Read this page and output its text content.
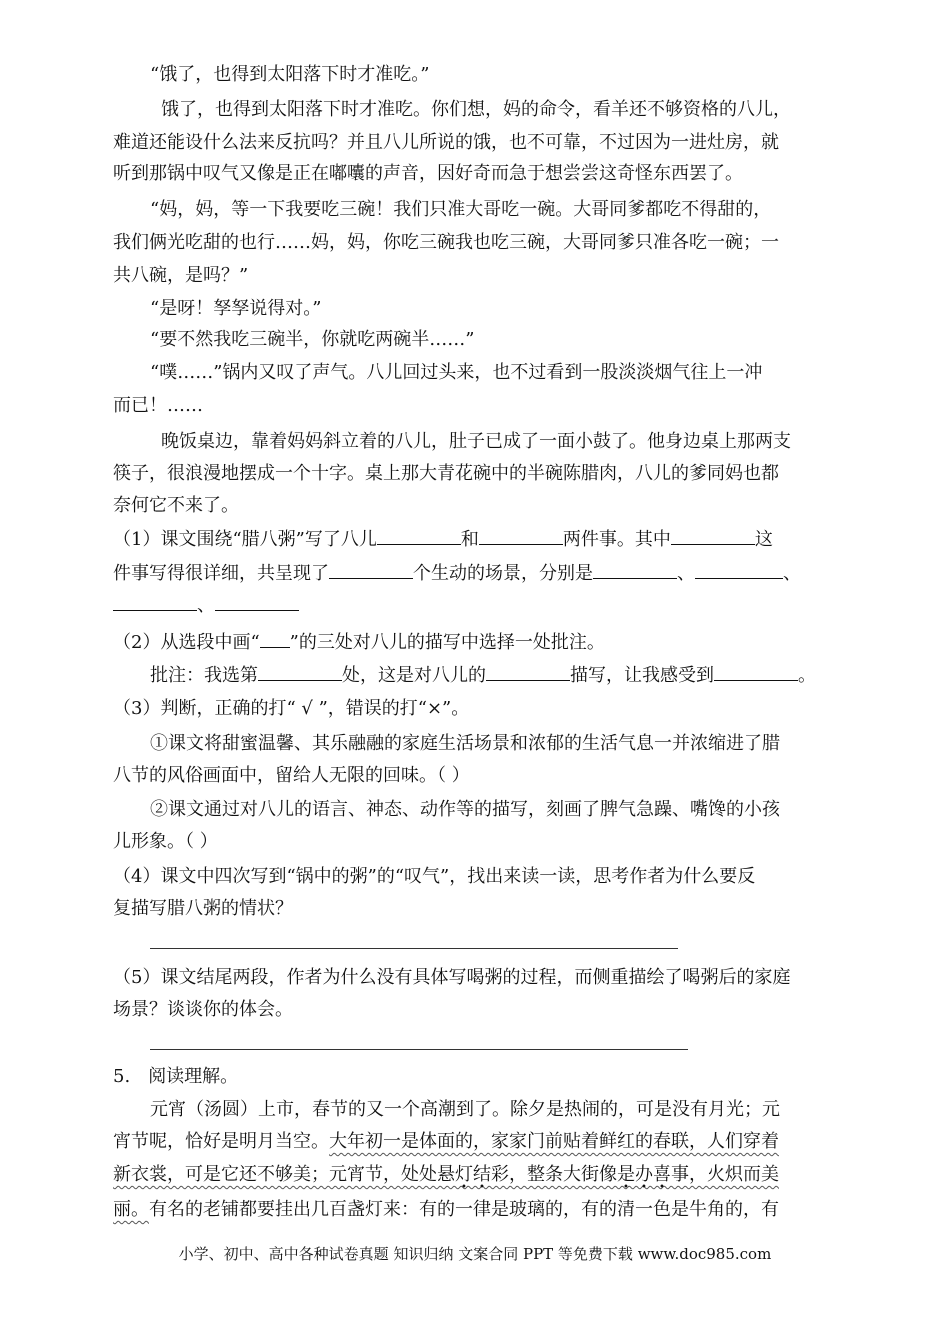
“饿了，也得到太阳落下时才准吃。”
饿了，也得到太阳落下时才准吃。你们想，妈的命令，看羊还不够资格的八儿，
难道还能设什么法来反抗吗？并且八儿所说的饿，也不可靠，不过因为一进灶房，就
听到那锅中叹气又像是正在嘟囔的声音，因好奇而急于想尝尝这奇怪东西罢了。
“妈，妈，等一下我要吃三碗！我们只准大哥吃一碗。大哥同爹都吃不得甜的，
我们俩光吃甜的也行……妈，妈，你吃三碗我也吃三碗，大哥同爹只准各吃一碗；一
共八碗，是吗？”
“是呀！孥孥说得对。”
“要不然我吃三碗半，你就吃两碗半……”
“噗……”锅内又叹了声气。八儿回过头来，也不过看到一股淡淡烟气往上一冲
而已！……
晚饭桌边，靠着妈妈斜立着的八儿，肚子已成了一面小鼓了。他身边桌上那两支
筷子，很浪漫地摆成一个十字。桌上那大青花碗中的半碗陈腊肉，八儿的爹同妈也都
奈何它不来了。
（1）课文围绕“腊八粥”写了八儿	和	两件事。其中	这
件事写得很详细，共呈现了	个生动的场景，分别是	、	、
、
（2）从选段中画“ ”的三处对八儿的描写中选择一处批注。
批注：我选第	处，这是对八儿的	描写，让我感受到	。
（3）判断，正确的打“ √ ”，错误的打“×”。
①课文将甜蜜温馨、其乐融融的家庭生活场景和浓郁的生活气息一并浓缩进了腊
八节的风俗画面中，留给人无限的回味。（ ）
②课文通过对八儿的语言、神态、动作等的描写，刻画了脾气急躁、嘴馋的小孩
儿形象。（ ）
（4）课文中四次写到“锅中的粥”的“叹气”，找出来读一读，思考作者为什么要反
复描写腊八粥的情状？
（5）课文结尾两段，作者为什么没有具体写喝粥的过程，而侧重描绘了喝粥后的家庭
场景？谈谈你的体会。
5. 阅读理解。
元宵（汤圆）上市，春节的又一个高潮到了。除夕是热闹的，可是没有月光；元
宵节呢，恰好是明月当空。大年初一是体面的，家家门前贴着鲜红的春联，人们穿着
新衣裳，可是它还不够美；元宵节，处处悬灯结彩，整条大街像是办喜事，火炽而美
丽。有名的老铺都要挂出几百盏灯来：有的一律是玻璃的，有的清一色是牛角的，有
小学、初中、高中各种试卷真题 知识归纳 文案合同 PPT 等免费下载 www.doc985.com
